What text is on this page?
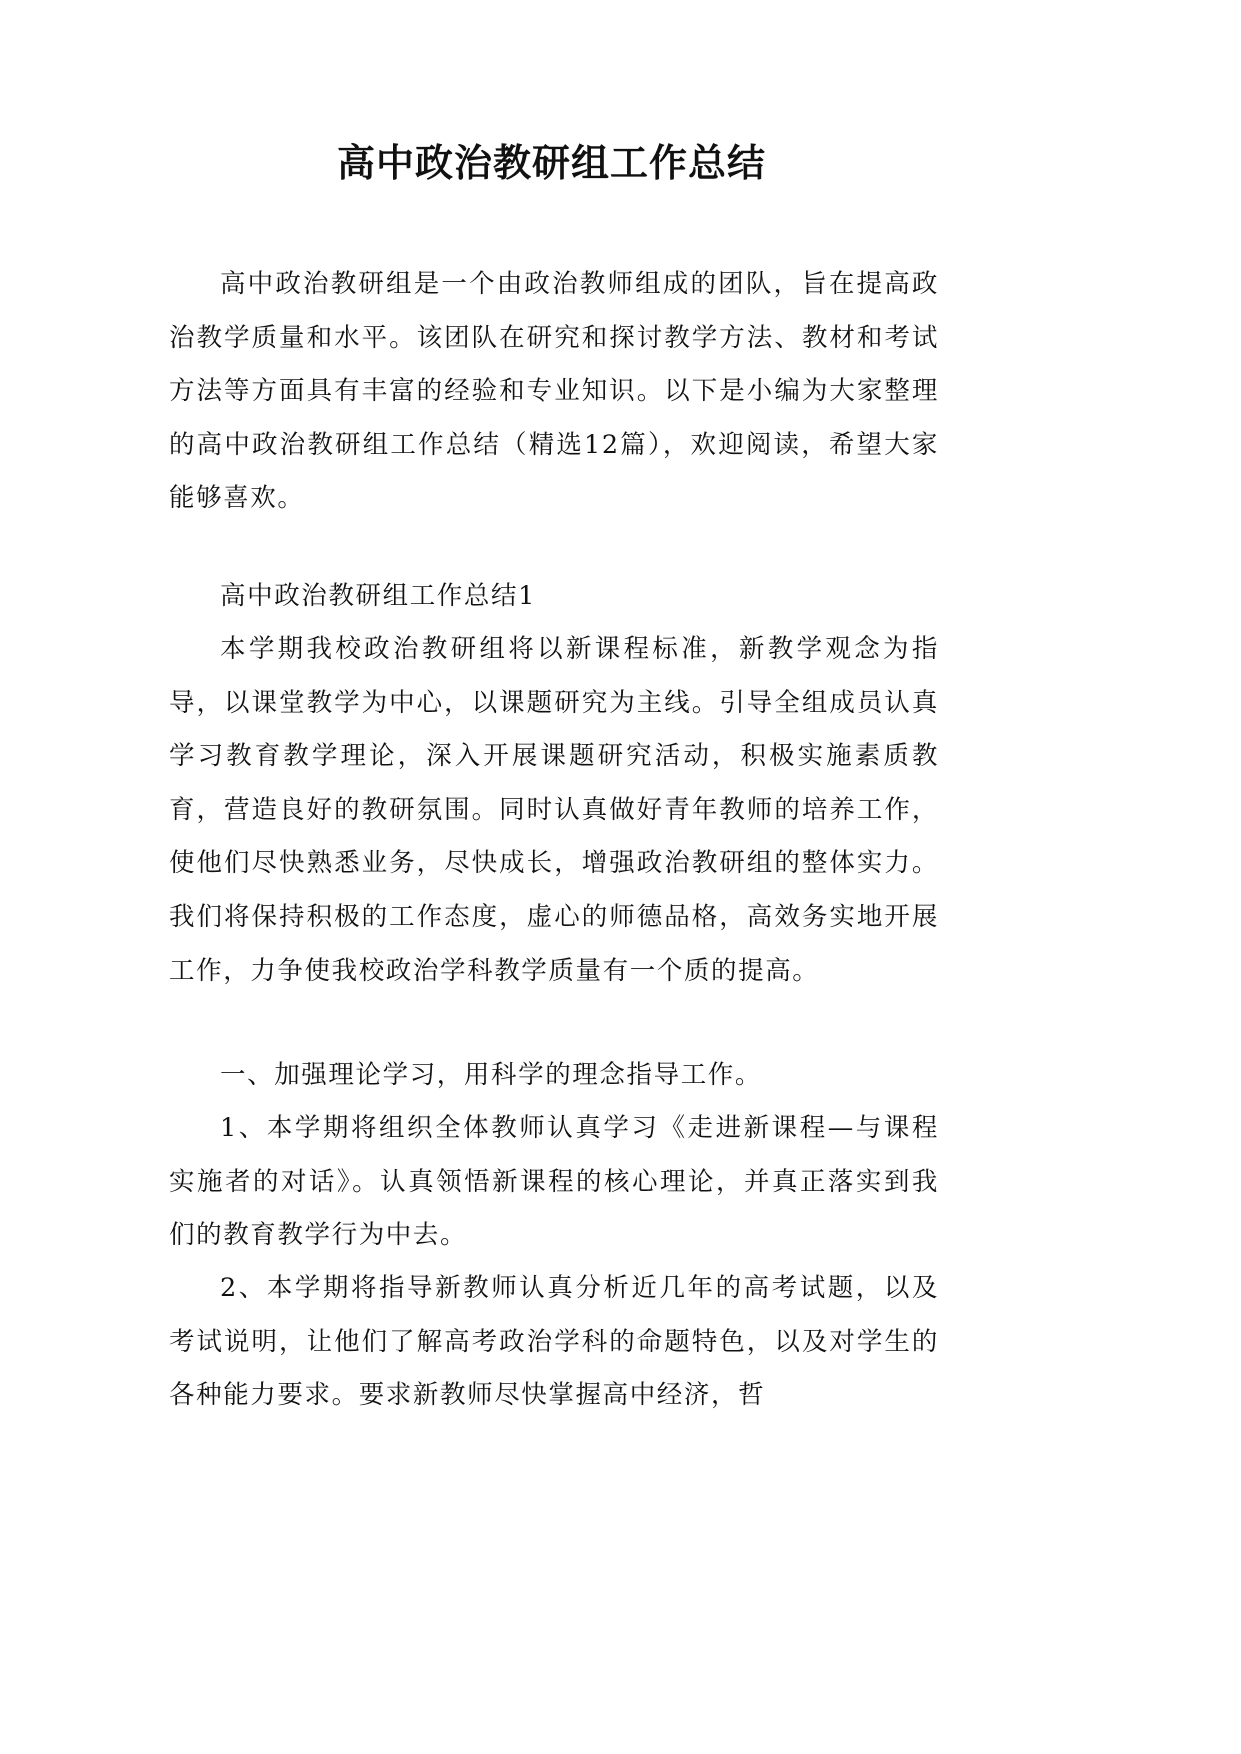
高中政治教研组工作总结

高中政治教研组是一个由政治教师组成的团队，旨在提高政治教学质量和水平。该团队在研究和探讨教学方法、教材和考试方法等方面具有丰富的经验和专业知识。以下是小编为大家整理的高中政治教研组工作总结（精选12篇），欢迎阅读，希望大家能够喜欢。

高中政治教研组工作总结1

本学期我校政治教研组将以新课程标准，新教学观念为指导，以课堂教学为中心，以课题研究为主线。引导全组成员认真学习教育教学理论，深入开展课题研究活动，积极实施素质教育，营造良好的教研氛围。同时认真做好青年教师的培养工作，使他们尽快熟悉业务，尽快成长，增强政治教研组的整体实力。我们将保持积极的工作态度，虚心的师德品格，高效务实地开展工作，力争使我校政治学科教学质量有一个质的提高。

一、加强理论学习，用科学的理念指导工作。

1、本学期将组织全体教师认真学习《走进新课程—与课程实施者的对话》。认真领悟新课程的核心理论，并真正落实到我们的教育教学行为中去。

2、本学期将指导新教师认真分析近几年的高考试题，以及考试说明，让他们了解高考政治学科的命题特色，以及对学生的各种能力要求。要求新教师尽快掌握高中经济，哲
